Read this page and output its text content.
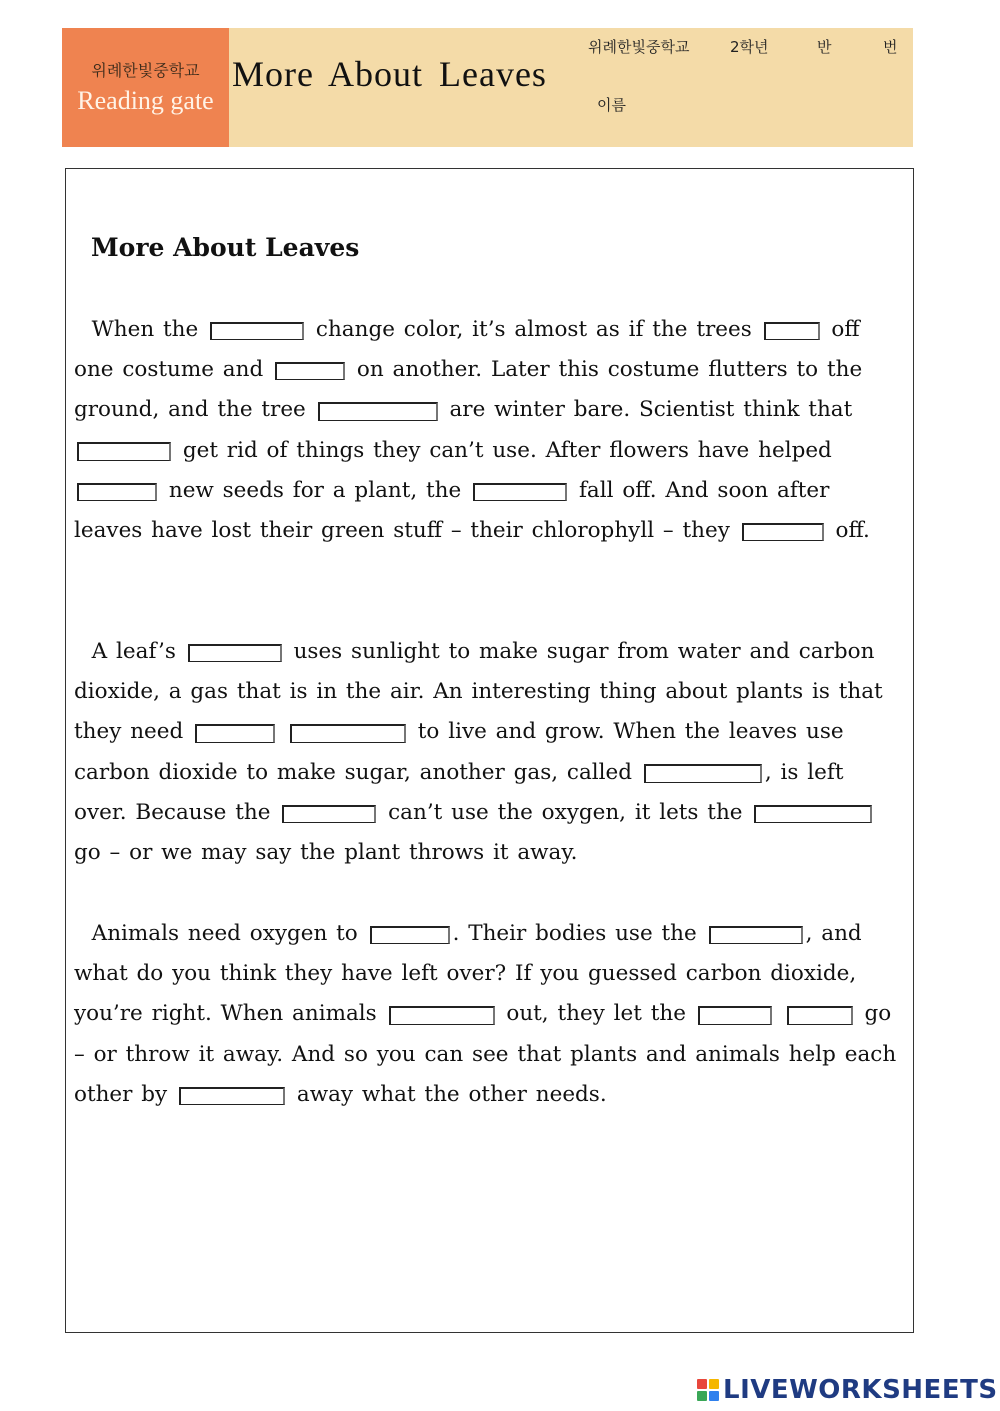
위례한빛중학교
Reading gate
More About Leaves
위례한빛중학교	2학년	반	번
이름
More About Leaves
When the	change color, it’s almost as if the trees	off one costume and	on another. Later this costume flutters to the ground, and the tree	are winter bare. Scientist think that  get rid of things they can’t use. After flowers have helped  new seeds for a plant, the	fall off. And soon after leaves have lost their green stuff – their chlorophyll – they	off.
A leaf’s	uses sunlight to make sugar from water and carbon dioxide, a gas that is in the air. An interesting thing about plants is that they need	to live and grow. When the leaves use carbon dioxide to make sugar, another gas, called	, is left over. Because the	can’t use the oxygen, it lets the  go – or we may say the plant throws it away.
Animals need oxygen to	. Their bodies use the	, and what do you think they have left over? If you guessed carbon dioxide, you’re right. When animals	out, they let the	go – or throw it away. And so you can see that plants and animals help each other by	away what the other needs.
LIVEWORKSHEETS
